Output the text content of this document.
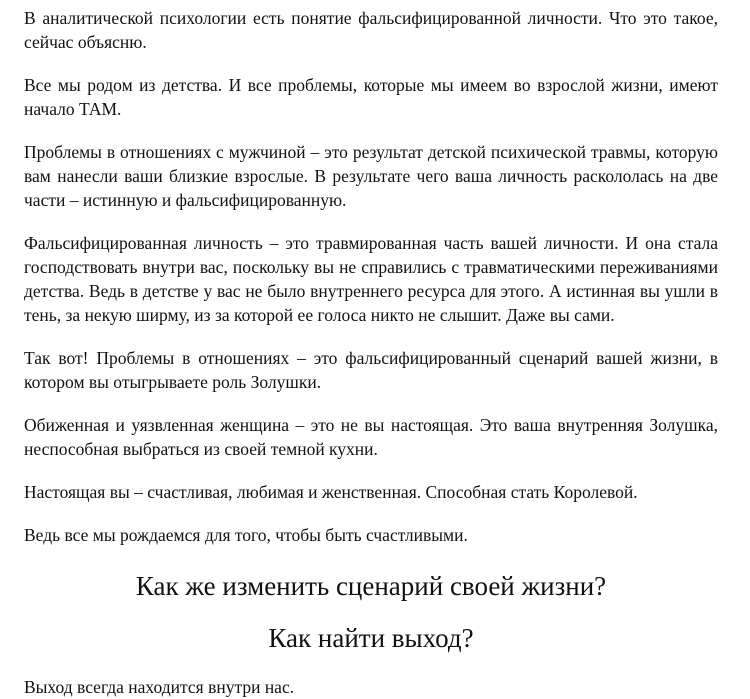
В аналитической психологии есть понятие фальсифицированной личности. Что это такое, сейчас объясню.

Все мы родом из детства. И все проблемы, которые мы имеем во взрослой жизни, имеют начало ТАМ.

Проблемы в отношениях с мужчиной – это результат детской психической травмы, которую вам нанесли ваши близкие взрослые. В результате чего ваша личность раскололась на две части – истинную и фальсифицированную.

Фальсифицированная личность – это травмированная часть вашей личности. И она стала господствовать внутри вас, поскольку вы не справились с травматическими переживаниями детства. Ведь в детстве у вас не было внутреннего ресурса для этого. А истинная вы ушли в тень, за некую ширму, из за которой ее голоса никто не слышит. Даже вы сами.

Так вот! Проблемы в отношениях – это фальсифицированный сценарий вашей жизни, в котором вы отыгрываете роль Золушки.

Обиженная и уязвленная женщина – это не вы настоящая. Это ваша внутренняя Золушка, неспособная выбраться из своей темной кухни.

Настоящая вы – счастливая, любимая и женственная. Способная стать Королевой.

Ведь все мы рождаемся для того, чтобы быть счастливыми.

Как же изменить сценарий своей жизни?
Как найти выход?

Выход всегда находится внутри нас.
